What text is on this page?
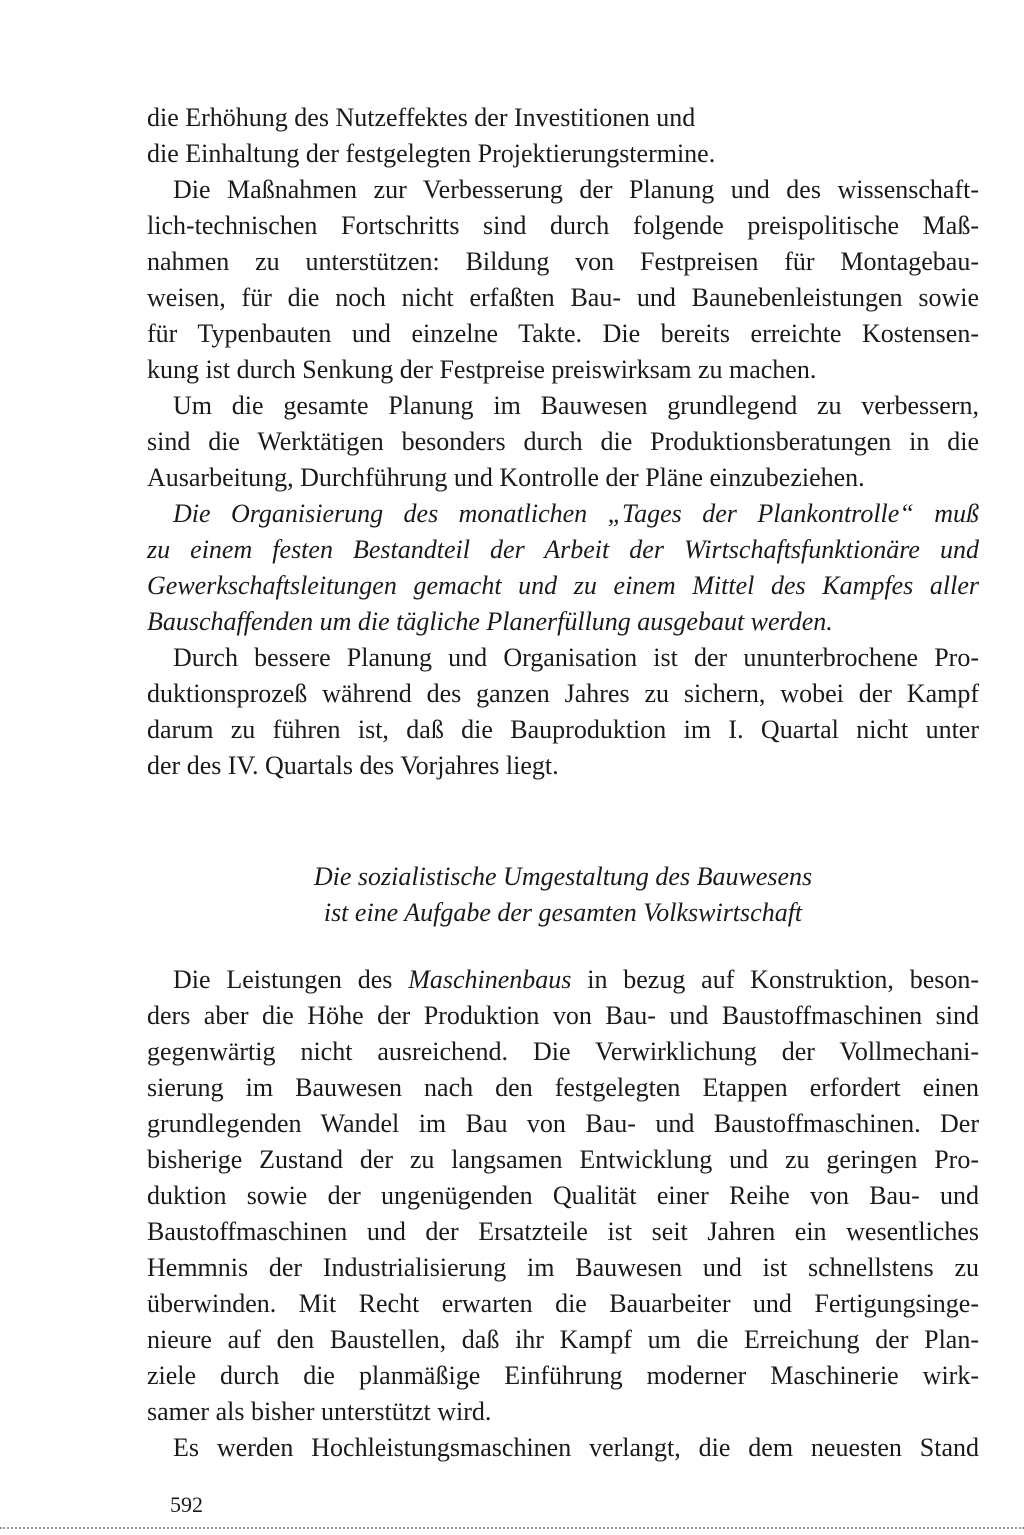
die Erhöhung des Nutzeffektes der Investitionen und
die Einhaltung der festgelegten Projektierungstermine.
Die Maßnahmen zur Verbesserung der Planung und des wissenschaft-
lich-technischen Fortschritts sind durch folgende preispolitische Maß-
nahmen zu unterstützen: Bildung von Festpreisen für Montagebau-
weisen, für die noch nicht erfaßten Bau- und Baunebenleistungen sowie
für Typenbauten und einzelne Takte. Die bereits erreichte Kostensen-
kung ist durch Senkung der Festpreise preiswirksam zu machen.
Um die gesamte Planung im Bauwesen grundlegend zu verbessern,
sind die Werktätigen besonders durch die Produktionsberatungen in die
Ausarbeitung, Durchführung und Kontrolle der Pläne einzubeziehen.
Die Organisierung des monatlichen „Tages der Plankontrolle“ muß
zu einem festen Bestandteil der Arbeit der Wirtschaftsfunktionäre und
Gewerkschaftsleitungen gemacht und zu einem Mittel des Kampfes aller
Bauschaffenden um die tägliche Planerfüllung ausgebaut werden.
Durch bessere Planung und Organisation ist der ununterbrochene Pro-
duktionsprozeß während des ganzen Jahres zu sichern, wobei der Kampf
darum zu führen ist, daß die Bauproduktion im I. Quartal nicht unter
der des IV. Quartals des Vorjahres liegt.
Die sozialistische Umgestaltung des Bauwesens
ist eine Aufgabe der gesamten Volkswirtschaft
Die Leistungen des Maschinenbaus in bezug auf Konstruktion, beson-
ders aber die Höhe der Produktion von Bau- und Baustoffmaschinen sind
gegenwärtig nicht ausreichend. Die Verwirklichung der Vollmechani-
sierung im Bauwesen nach den festgelegten Etappen erfordert einen
grundlegenden Wandel im Bau von Bau- und Baustoffmaschinen. Der
bisherige Zustand der zu langsamen Entwicklung und zu geringen Pro-
duktion sowie der ungenügenden Qualität einer Reihe von Bau- und
Baustoffmaschinen und der Ersatzteile ist seit Jahren ein wesentliches
Hemmnis der Industrialisierung im Bauwesen und ist schnellstens zu
überwinden. Mit Recht erwarten die Bauarbeiter und Fertigungsinge-
nieure auf den Baustellen, daß ihr Kampf um die Erreichung der Plan-
ziele durch die planmäßige Einführung moderner Maschinerie wirk-
samer als bisher unterstützt wird.
Es werden Hochleistungsmaschinen verlangt, die dem neuesten Stand
592
